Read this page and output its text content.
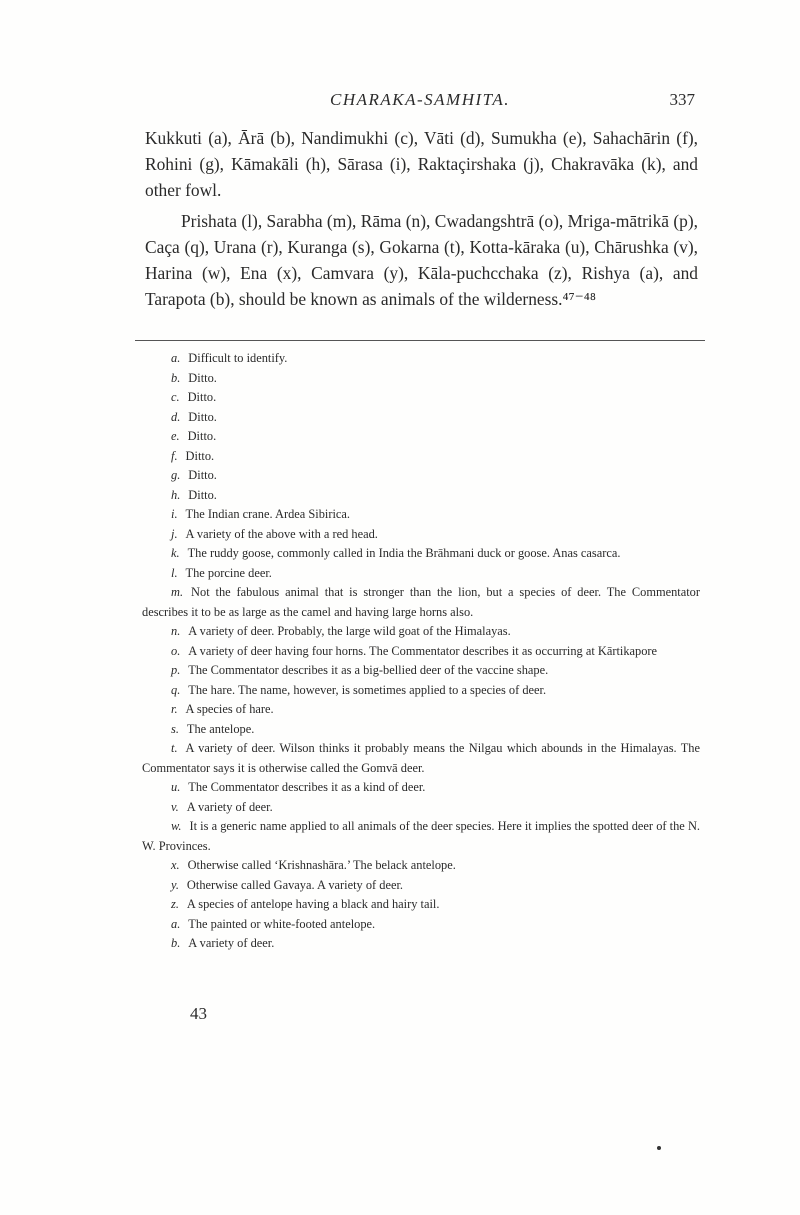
CHARAKA-SAMHITA.	337

Kukkuti (a), Ārā (b), Nandimukhi (c), Vāti (d), Sumukha (e), Sahachārin (f), Rohini (g), Kāmakāli (h), Sārasa (i), Raktaçirshaka (j), Chakravāka (k), and other fowl.

Prishata (l), Sarabha (m), Rāma (n), Cwadangshtrā (o), Mriga-mātrikā (p), Caça (q), Urana (r), Kuranga (s), Gokarna (t), Kotta-kāraka (u), Chārushka (v), Harina (w), Ena (x), Camvara (y), Kāla-puchcchaka (z), Rishya (a), and Tarapota (b), should be known as animals of the wilderness.⁴⁷⁻⁴⁸

a. Difficult to identify.

b. Ditto.

c. Ditto.

d. Ditto.

e. Ditto.

f. Ditto.

g. Ditto.

h. Ditto.

i. The Indian crane. Ardea Sibirica.

j. A variety of the above with a red head.

k. The ruddy goose, commonly called in India the Brāhmani duck or goose. Anas casarca.

l. The porcine deer.

m. Not the fabulous animal that is stronger than the lion, but a species of deer. The Commentator describes it to be as large as the camel and having large horns also.

n. A variety of deer. Probably, the large wild goat of the Himalayas.

o. A variety of deer having four horns. The Commentator describes it as occurring at Kārtikapore

p. The Commentator describes it as a big-bellied deer of the vaccine shape.

q. The hare. The name, however, is sometimes applied to a species of deer.

r. A species of hare.

s. The antelope.

t. A variety of deer. Wilson thinks it probably means the Nilgau which abounds in the Himalayas. The Commentator says it is otherwise called the Gomvā deer.

u. The Commentator describes it as a kind of deer.

v. A variety of deer.

w. It is a generic name applied to all animals of the deer species. Here it implies the spotted deer of the N. W. Provinces.

x. Otherwise called ‘Krishnashāra.’ The belack antelope.

y. Otherwise called Gavaya. A variety of deer.

z. A species of antelope having a black and hairy tail.

a. The painted or white-footed antelope.

b. A variety of deer.

43
